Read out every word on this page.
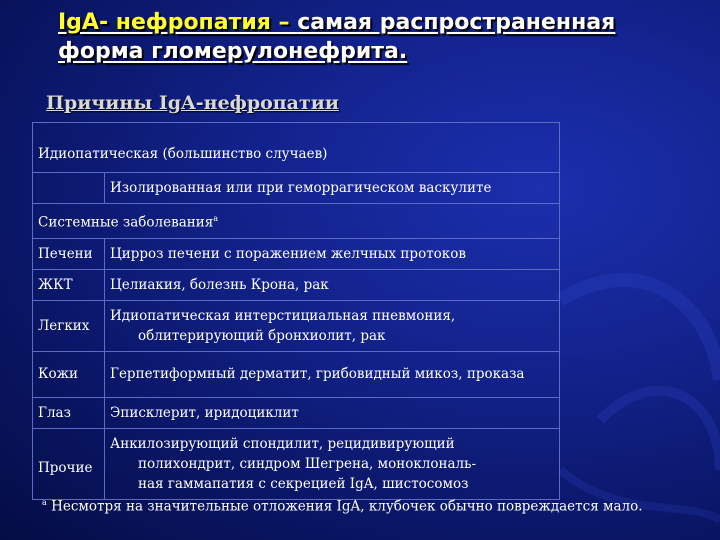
IgA- нефропатия – самая распространенная форма гломерулонефрита.
Причины IgA-нефропатии
Идиопатическая (большинство случаев)	
	Изолированная или при геморрагическом васкулите
Системные заболевания$^a$
Печени	Цирроз печени с поражением желчных протоков
ЖКТ	Целиакия, болезнь Крона, рак
Легких	Идиопатическая интерстициальная пневмония,
облитерирующий бронхиолит, рак

Кожи	Герпетиформный дерматит, грибовидный микоз, проказа
Глаз	Эписклерит, иридоциклит
Прочие	Анкилозирующий спондилит, рецидивирующий
полихондрит, синдром Шегрена, моноклональ-
ная гаммапатия с секрецией IgA, шистосомоз
$^a$ Несмотря на значительные отложения IgA, клубочек обычно повреждается мало.
